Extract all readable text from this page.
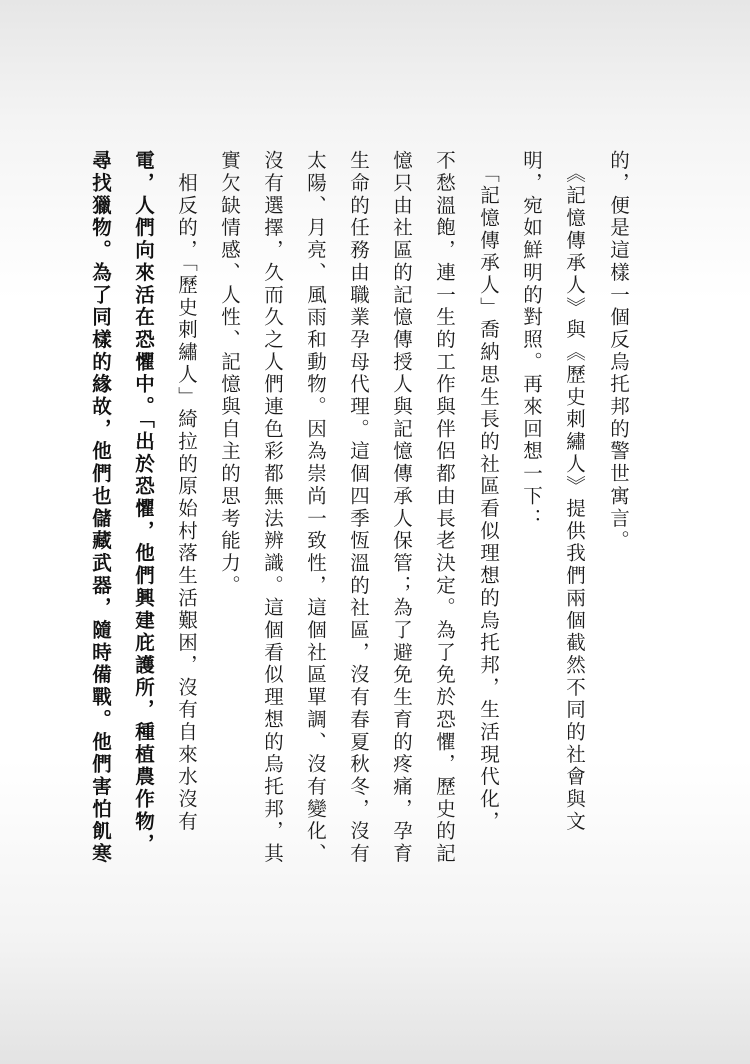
的，便是這樣一個反烏托邦的警世寓言。
　《記憶傳承人》與《歷史刺繡人》提供我們兩個截然不同的社會與文
明，宛如鮮明的對照。再來回想一下：
　「記憶傳承人」喬納思生長的社區看似理想的烏托邦，生活現代化，
不愁溫飽，連一生的工作與伴侶都由長老決定。為了免於恐懼，歷史的記
憶只由社區的記憶傳授人與記憶傳承人保管；為了避免生育的疼痛，孕育
生命的任務由職業孕母代理。這個四季恆溫的社區，沒有春夏秋冬，沒有
太陽、月亮、風雨和動物。因為崇尚一致性，這個社區單調、沒有變化、
沒有選擇，久而久之人們連色彩都無法辨識。這個看似理想的烏托邦，其
實欠缺情感、人性、記憶與自主的思考能力。
　相反的，「歷史刺繡人」綺拉的原始村落生活艱困，沒有自來水沒有
電，人們向來活在恐懼中。「出於恐懼，他們興建庇護所，種植農作物，
尋找獵物。為了同樣的緣故，他們也儲藏武器，隨時備戰。他們害怕飢寒
